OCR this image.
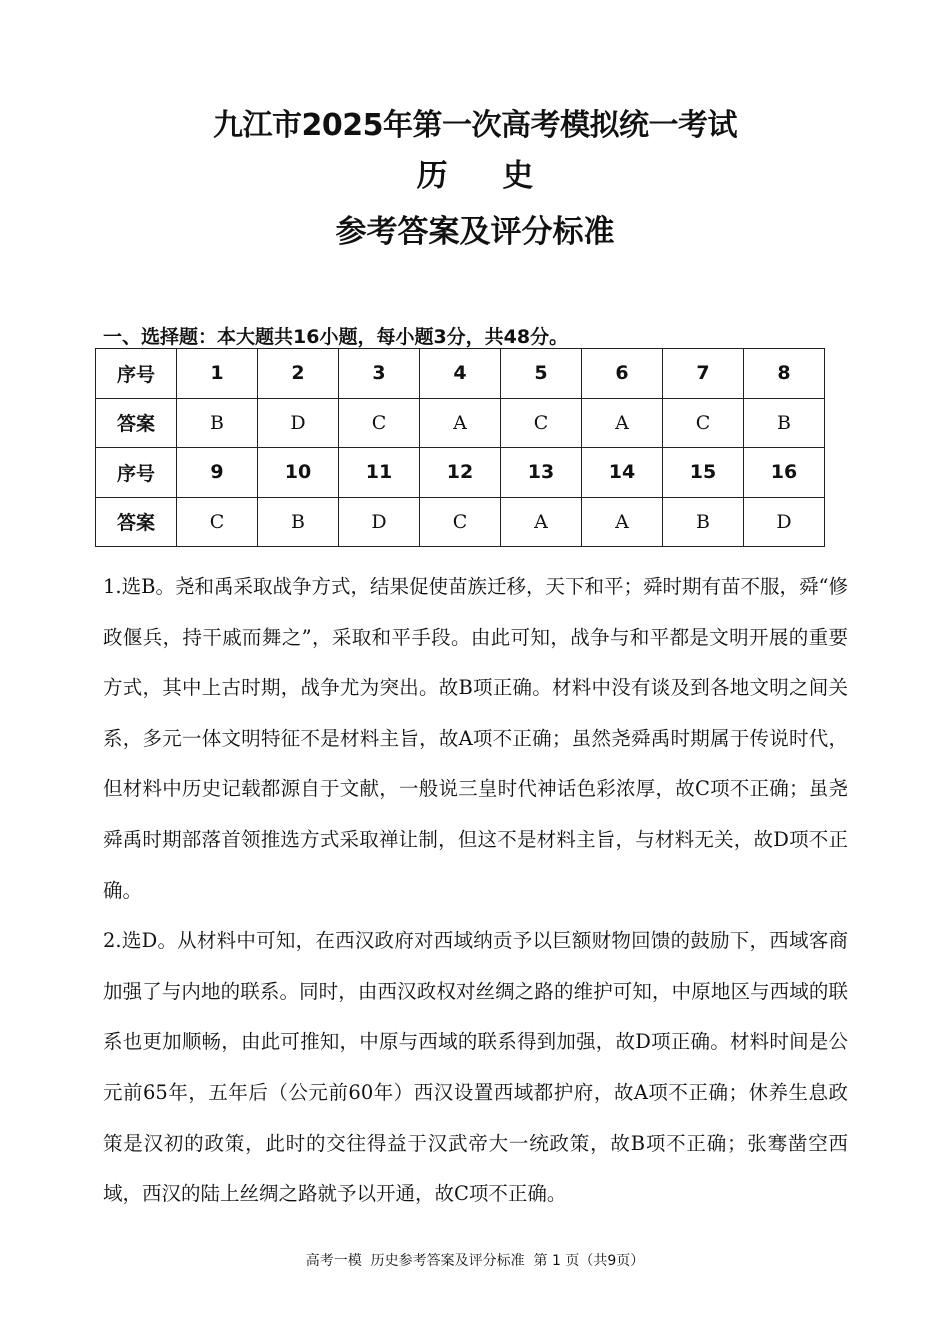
九江市2025年第一次高考模拟统一考试
历 史
参考答案及评分标准
一、选择题：本大题共16小题，每小题3分，共48分。
序号	1	2	3	4	5	6	7	8
答案	B	D	C	A	C	A	C	B
序号	9	10	11	12	13	14	15	16
答案	C	B	D	C	A	A	B	D

1.选B。尧和禹采取战争方式，结果促使苗族迁移，天下和平；舜时期有苗不服，舜“修政偃兵，持干戚而舞之”，采取和平手段。由此可知，战争与和平都是文明开展的重要方式，其中上古时期，战争尤为突出。故B项正确。材料中没有谈及到各地文明之间关系，多元一体文明特征不是材料主旨，故A项不正确；虽然尧舜禹时期属于传说时代，但材料中历史记载都源自于文献，一般说三皇时代神话色彩浓厚，故C项不正确；虽尧舜禹时期部落首领推选方式采取禅让制，但这不是材料主旨，与材料无关，故D项不正确。

2.选D。从材料中可知，在西汉政府对西域纳贡予以巨额财物回馈的鼓励下，西域客商加强了与内地的联系。同时，由西汉政权对丝绸之路的维护可知，中原地区与西域的联系也更加顺畅，由此可推知，中原与西域的联系得到加强，故D项正确。材料时间是公元前65年，五年后（公元前60年）西汉设置西域都护府，故A项不正确；休养生息政策是汉初的政策，此时的交往得益于汉武帝大一统政策，故B项不正确；张骞凿空西域，西汉的陆上丝绸之路就予以开通，故C项不正确。

高考一模  历史参考答案及评分标准  第 1 页（共9页）
